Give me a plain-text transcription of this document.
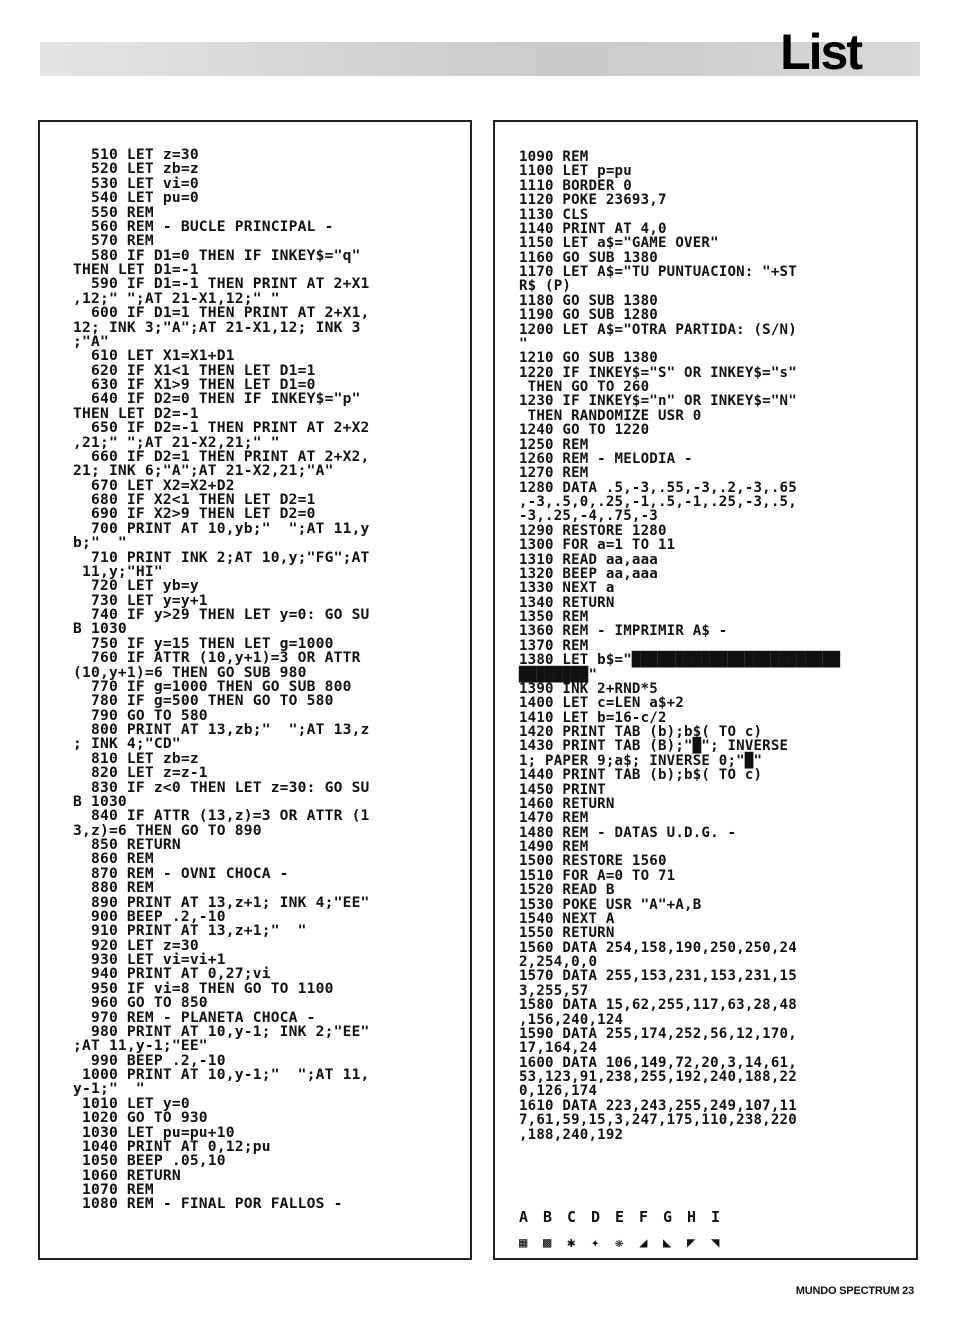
List
510 LET z=30
520 LET zb=z
530 LET vi=0
540 LET pu=0
550 REM
560 REM - BUCLE PRINCIPAL -
570 REM
580 IF D1=0 THEN IF INKEY$="q"
THEN LET D1=-1
590 IF D1=-1 THEN PRINT AT 2+X1
,12;" ";AT 21-X1,12;" "
600 IF D1=1 THEN PRINT AT 2+X1,
12; INK 3;"A";AT 21-X1,12; INK 3
;"A"
610 LET X1=X1+D1
620 IF X1<1 THEN LET D1=1
630 IF X1>9 THEN LET D1=0
640 IF D2=0 THEN IF INKEY$="p"
THEN LET D2=-1
650 IF D2=-1 THEN PRINT AT 2+X2
,21;" ";AT 21-X2,21;" "
660 IF D2=1 THEN PRINT AT 2+X2,
21; INK 6;"A";AT 21-X2,21;"A"
670 LET X2=X2+D2
680 IF X2<1 THEN LET D2=1
690 IF X2>9 THEN LET D2=0
700 PRINT AT 10,yb;"  ";AT 11,y
b;"  "
710 PRINT INK 2;AT 10,y;"FG";AT
11,y;"HI"
720 LET yb=y
730 LET y=y+1
740 IF y>29 THEN LET y=0: GO SU
B 1030
750 IF y=15 THEN LET g=1000
760 IF ATTR (10,y+1)=3 OR ATTR
(10,y+1)=6 THEN GO SUB 980
770 IF g=1000 THEN GO SUB 800
780 IF g=500 THEN GO TO 580
790 GO TO 580
800 PRINT AT 13,zb;"  ";AT 13,z
; INK 4;"CD"
810 LET zb=z
820 LET z=z-1
830 IF z<0 THEN LET z=30: GO SU
B 1030
840 IF ATTR (13,z)=3 OR ATTR (1
3,z)=6 THEN GO TO 890
850 RETURN
860 REM
870 REM - OVNI CHOCA -
880 REM
890 PRINT AT 13,z+1; INK 4;"EE"
900 BEEP .2,-10
910 PRINT AT 13,z+1;"  "
920 LET z=30
930 LET vi=vi+1
940 PRINT AT 0,27;vi
950 IF vi=8 THEN GO TO 1100
960 GO TO 850
970 REM - PLANETA CHOCA -
980 PRINT AT 10,y-1; INK 2;"EE"
;AT 11,y-1;"EE"
990 BEEP .2,-10
1000 PRINT AT 10,y-1;"  ";AT 11,
y-1;"  "
1010 LET y=0
1020 GO TO 930
1030 LET pu=pu+10
1040 PRINT AT 0,12;pu
1050 BEEP .05,10
1060 RETURN
1070 REM
1080 REM - FINAL POR FALLOS -
1090 REM
1100 LET p=pu
1110 BORDER 0
1120 POKE 23693,7
1130 CLS
1140 PRINT AT 4,0
1150 LET a$="GAME OVER"
1160 GO SUB 1380
1170 LET A$="TU PUNTUACION: "+ST
R$ (P)
1180 GO SUB 1380
1190 GO SUB 1280
1200 LET A$="OTRA PARTIDA: (S/N)
"
1210 GO SUB 1380
1220 IF INKEY$="S" OR INKEY$="s"
THEN GO TO 260
1230 IF INKEY$="n" OR INKEY$="N"
THEN RANDOMIZE USR 0
1240 GO TO 1220
1250 REM
1260 REM - MELODIA -
1270 REM
1280 DATA .5,-3,.55,-3,.2,-3,.65
,-3,.5,0,.25,-1,.5,-1,.25,-3,.5,
-3,.25,-4,.75,-3
1290 RESTORE 1280
1300 FOR a=1 TO 11
1310 READ aa,aaa
1320 BEEP aa,aaa
1330 NEXT a
1340 RETURN
1350 REM
1360 REM - IMPRIMIR A$ -
1370 REM
1380 LET b$="████████████████████████
████████"
1390 INK 2+RND*5
1400 LET c=LEN a$+2
1410 LET b=16-c/2
1420 PRINT TAB (b);b$( TO c)
1430 PRINT TAB (B);"█"; INVERSE
1; PAPER 9;a$; INVERSE 0;"█"
1440 PRINT TAB (b);b$( TO c)
1450 PRINT
1460 RETURN
1470 REM
1480 REM - DATAS U.D.G. -
1490 REM
1500 RESTORE 1560
1510 FOR A=0 TO 71
1520 READ B
1530 POKE USR "A"+A,B
1540 NEXT A
1550 RETURN
1560 DATA 254,158,190,250,250,24
2,254,0,0
1570 DATA 255,153,231,153,231,15
3,255,57
1580 DATA 15,62,255,117,63,28,48
,156,240,124
1590 DATA 255,174,252,56,12,170,
17,164,24
1600 DATA 106,149,72,20,3,14,61,
53,123,91,238,255,192,240,188,22
0,126,174
1610 DATA 223,243,255,249,107,11
7,61,59,15,3,247,175,110,238,220
,188,240,192
A B C D E F G H I
▦ ▩ ✱ ✦ ❋ ◢ ◣ ◤ ◥
MUNDO SPECTRUM 23
